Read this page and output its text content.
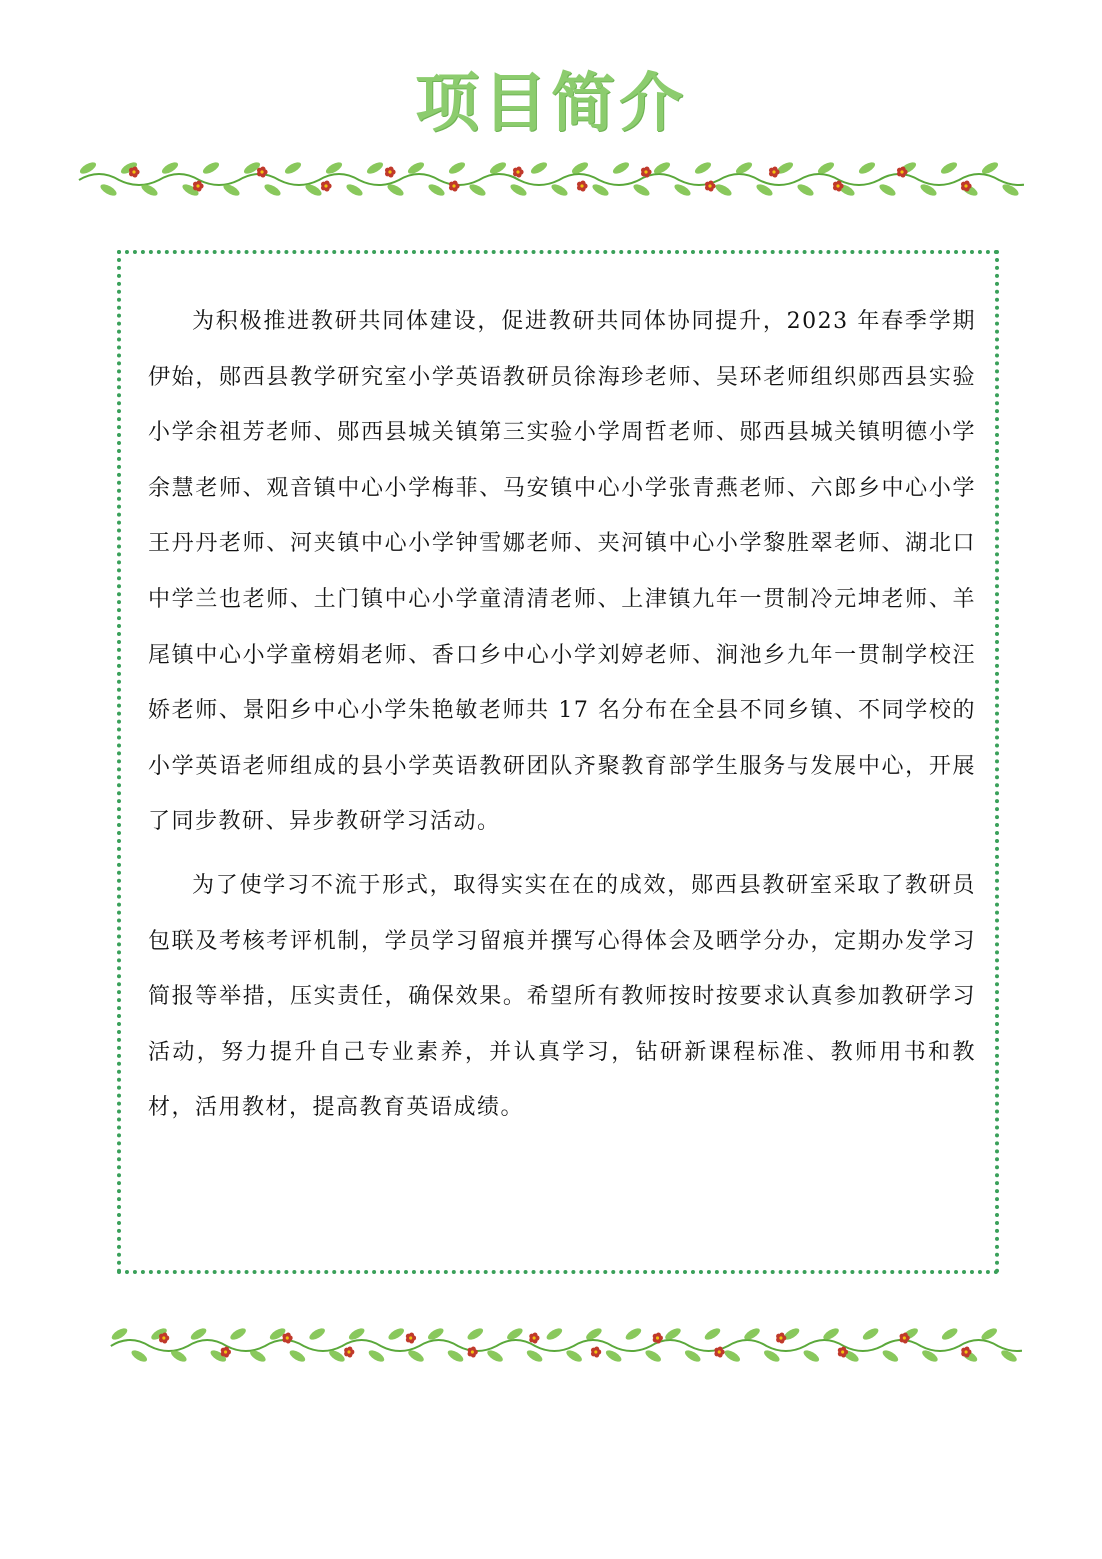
项目简介

为积极推进教研共同体建设，促进教研共同体协同提升，2023 年春季学期伊始，郧西县教学研究室小学英语教研员徐海珍老师、吴环老师组织郧西县实验小学余祖芳老师、郧西县城关镇第三实验小学周哲老师、郧西县城关镇明德小学余慧老师、观音镇中心小学梅菲、马安镇中心小学张青燕老师、六郎乡中心小学王丹丹老师、河夹镇中心小学钟雪娜老师、夹河镇中心小学黎胜翠老师、湖北口中学兰也老师、土门镇中心小学童清清老师、上津镇九年一贯制冷元坤老师、羊尾镇中心小学童榜娟老师、香口乡中心小学刘婷老师、涧池乡九年一贯制学校汪娇老师、景阳乡中心小学朱艳敏老师共 17 名分布在全县不同乡镇、不同学校的小学英语老师组成的县小学英语教研团队齐聚教育部学生服务与发展中心，开展了同步教研、异步教研学习活动。

为了使学习不流于形式，取得实实在在的成效，郧西县教研室采取了教研员包联及考核考评机制，学员学习留痕并撰写心得体会及晒学分办，定期办发学习简报等举措，压实责任，确保效果。希望所有教师按时按要求认真参加教研学习活动，努力提升自己专业素养，并认真学习，钻研新课程标准、教师用书和教材，活用教材，提高教育英语成绩。
